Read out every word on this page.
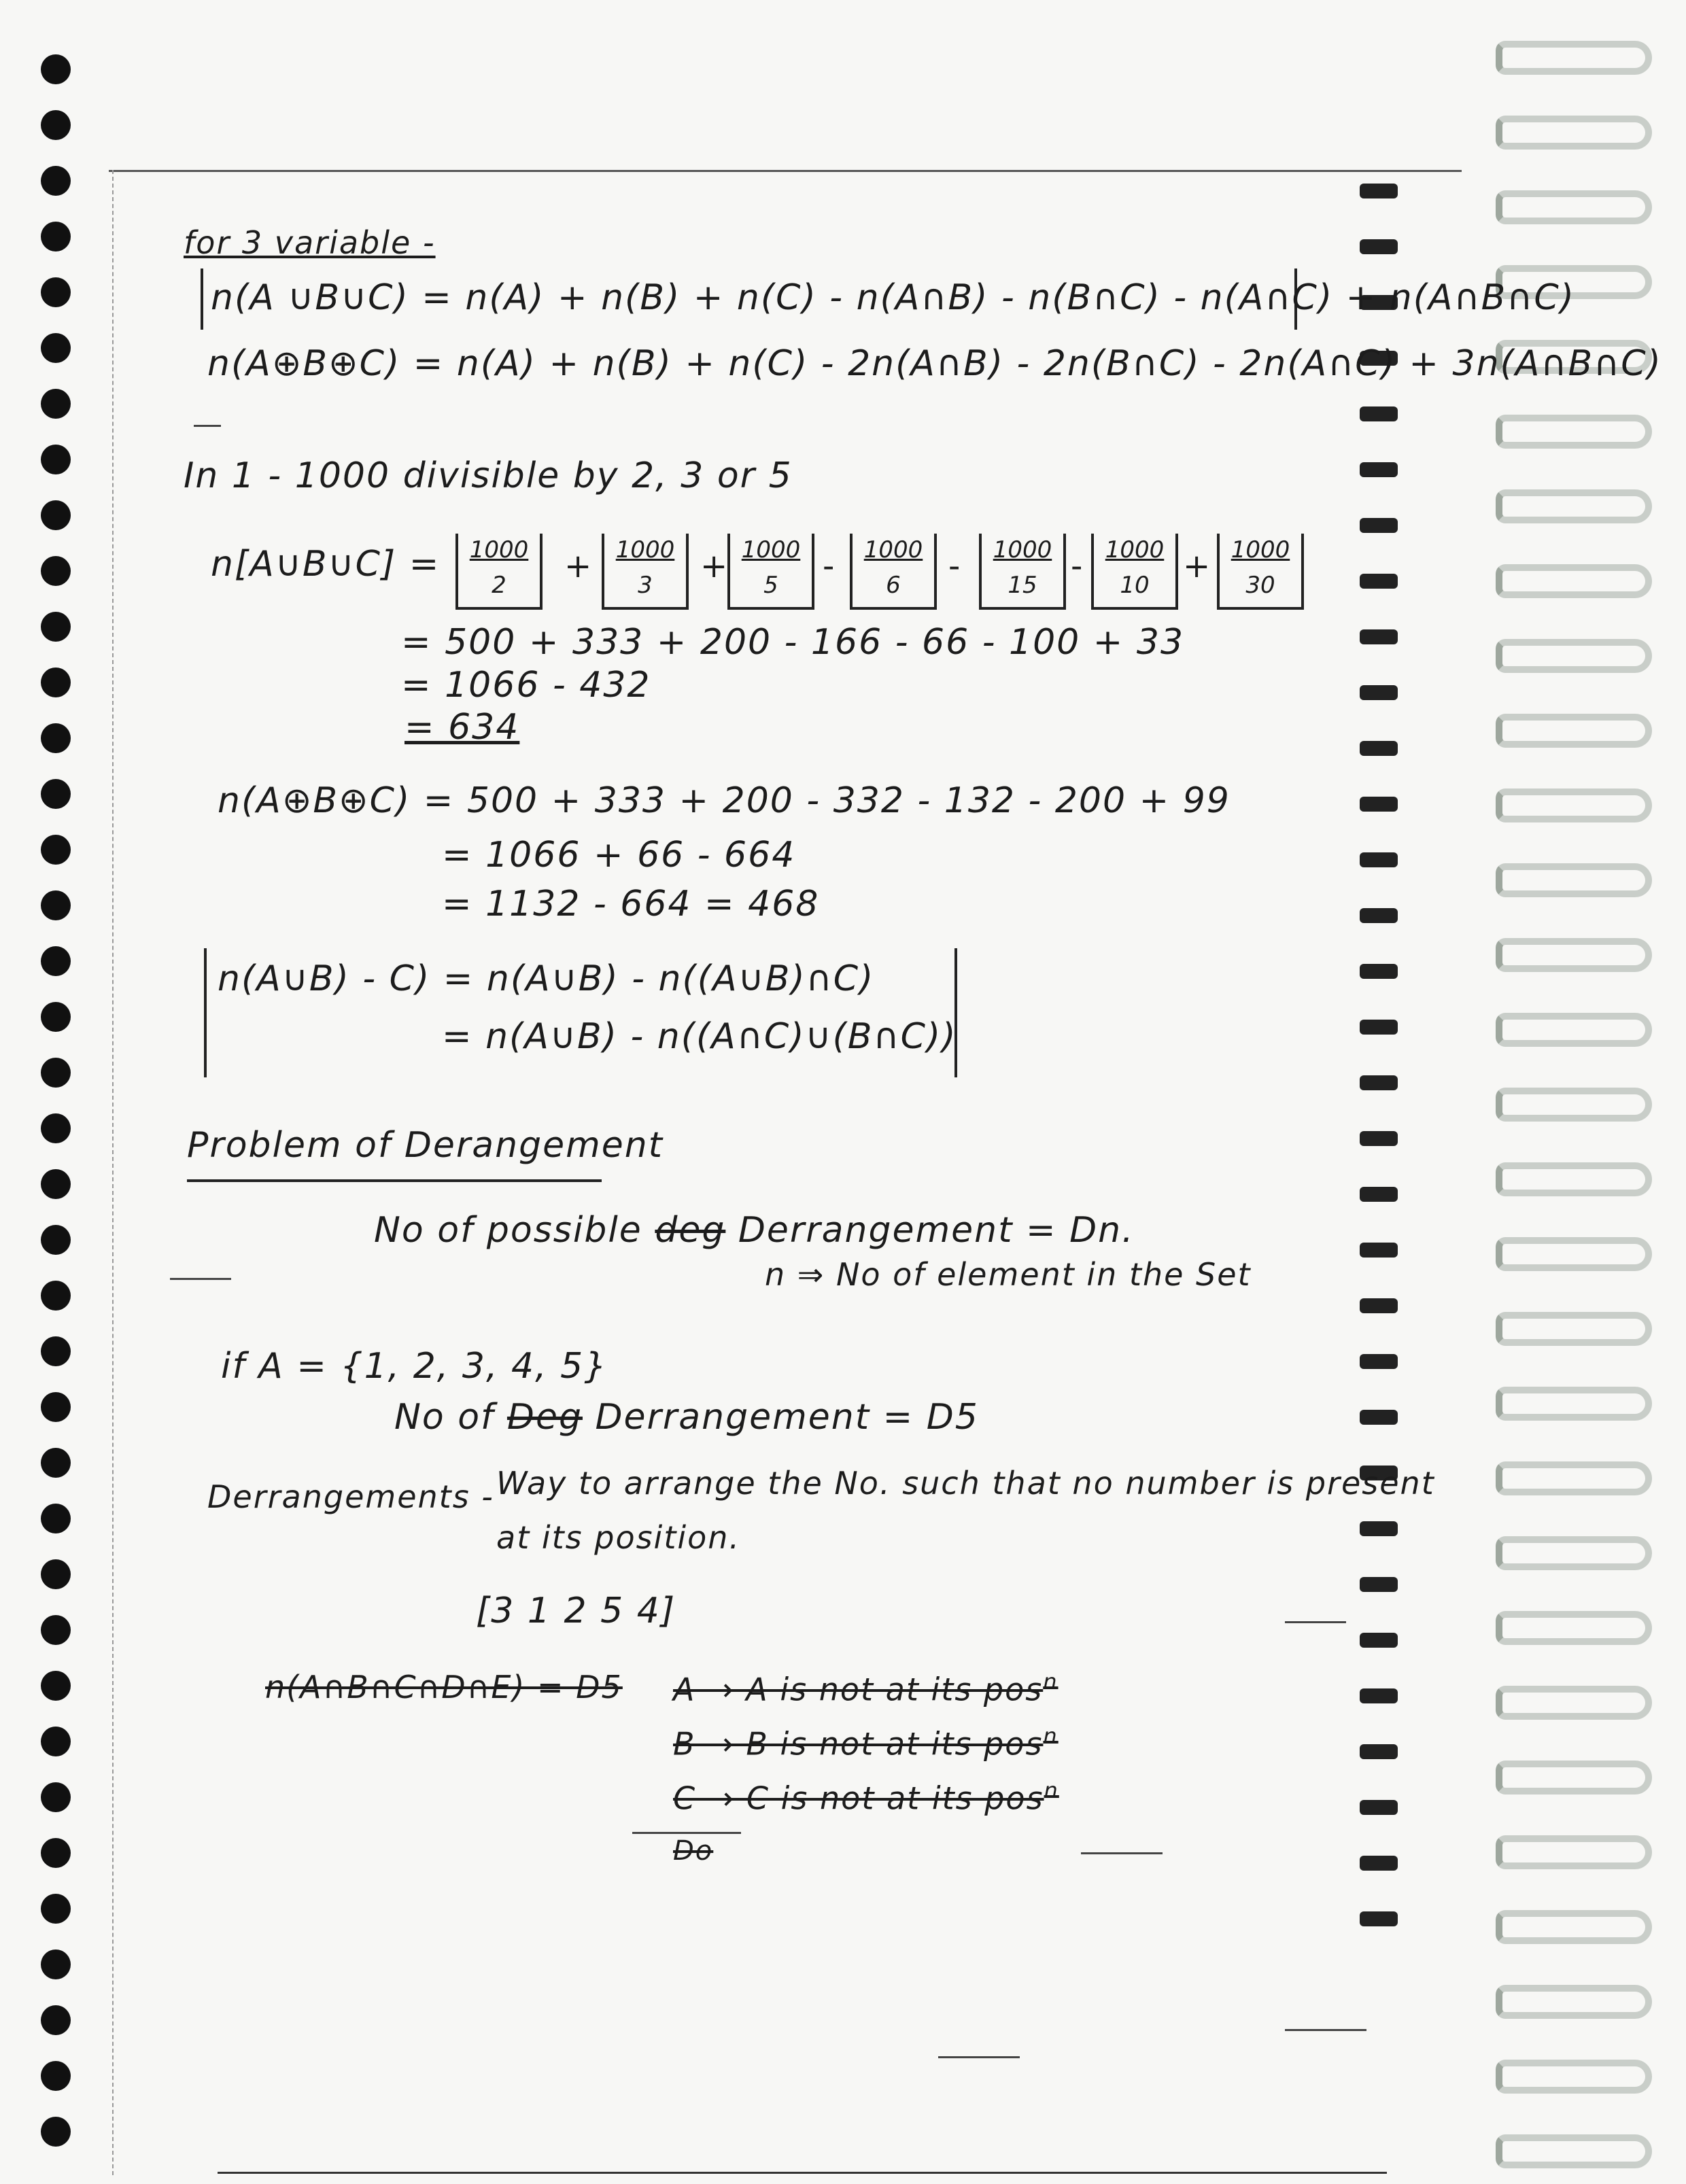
for 3 variable -
n(A ∪B∪C) = n(A) + n(B) + n(C) - n(A∩B) - n(B∩C) - n(A∩C) + n(A∩B∩C)
n(A⊕B⊕C) = n(A) + n(B) + n(C) - 2n(A∩B) - 2n(B∩C) - 2n(A∩C) + 3n(A∩B∩C)
In 1 - 1000 divisible by 2, 3 or 5
n[A∪B∪C] = $\frac{1000}{2} + \frac{1000}{3} + \frac{1000}{5} - \frac{1000}{6} - \frac{1000}{15} - \frac{1000}{10} + \frac{1000}{30}$
= 500 + 333 + 200 - 166 - 66 - 100 + 33
= 1066 - 432
= 634
n(A⊕B⊕C) = 500 + 333 + 200 - 332 - 132 - 200 + 99
= 1066 + 66 - 664
= 1132 - 664 = 468
n(A∪B) - C) = n(A∪B) - n((A∪B)∩C)
= n(A∪B) - n((A∩C)∪(B∩C))
Problem of Derangement
No of possible deg Derrangement = Dn.
n ⇒ No of element in the Set
if A = {1, 2, 3, 4, 5}
No of Deg Derrangement = D5
Derrangements - Way to arrange the No. such that no number is present
at its position.
[3 1 2 5 4]
n(A∩B∩C∩D∩E) = D5 A → A is not at its pos$^n$
B → B is not at its pos$^n$
C → C is not at its pos$^n$
Do
